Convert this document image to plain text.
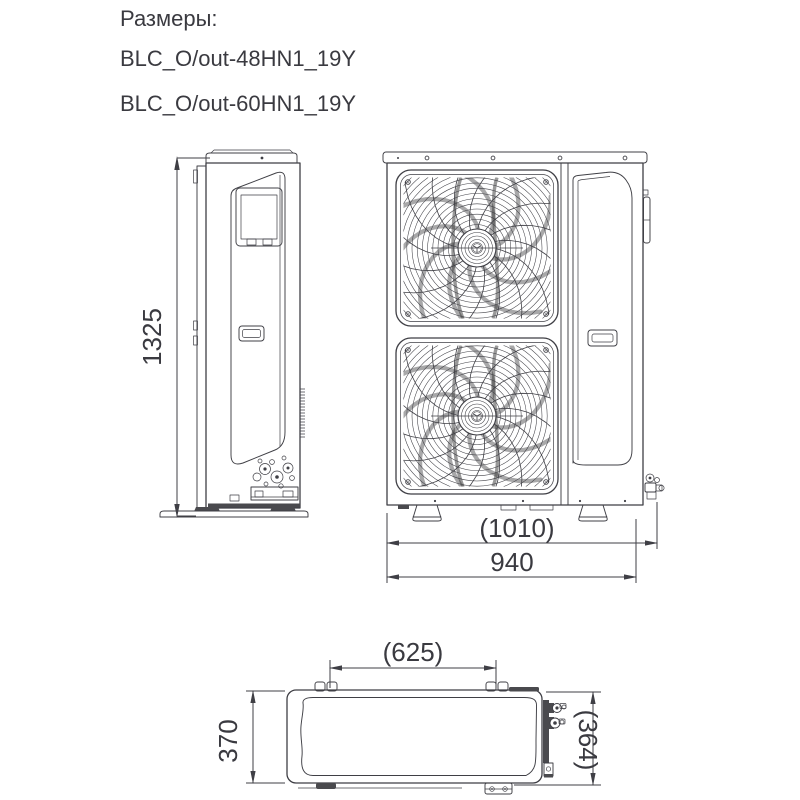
Размеры:
BLC_O/out-48HN1_19Y
BLC_O/out-60HN1_19Y
1325
(1010)
940
(625)
370	(364)
